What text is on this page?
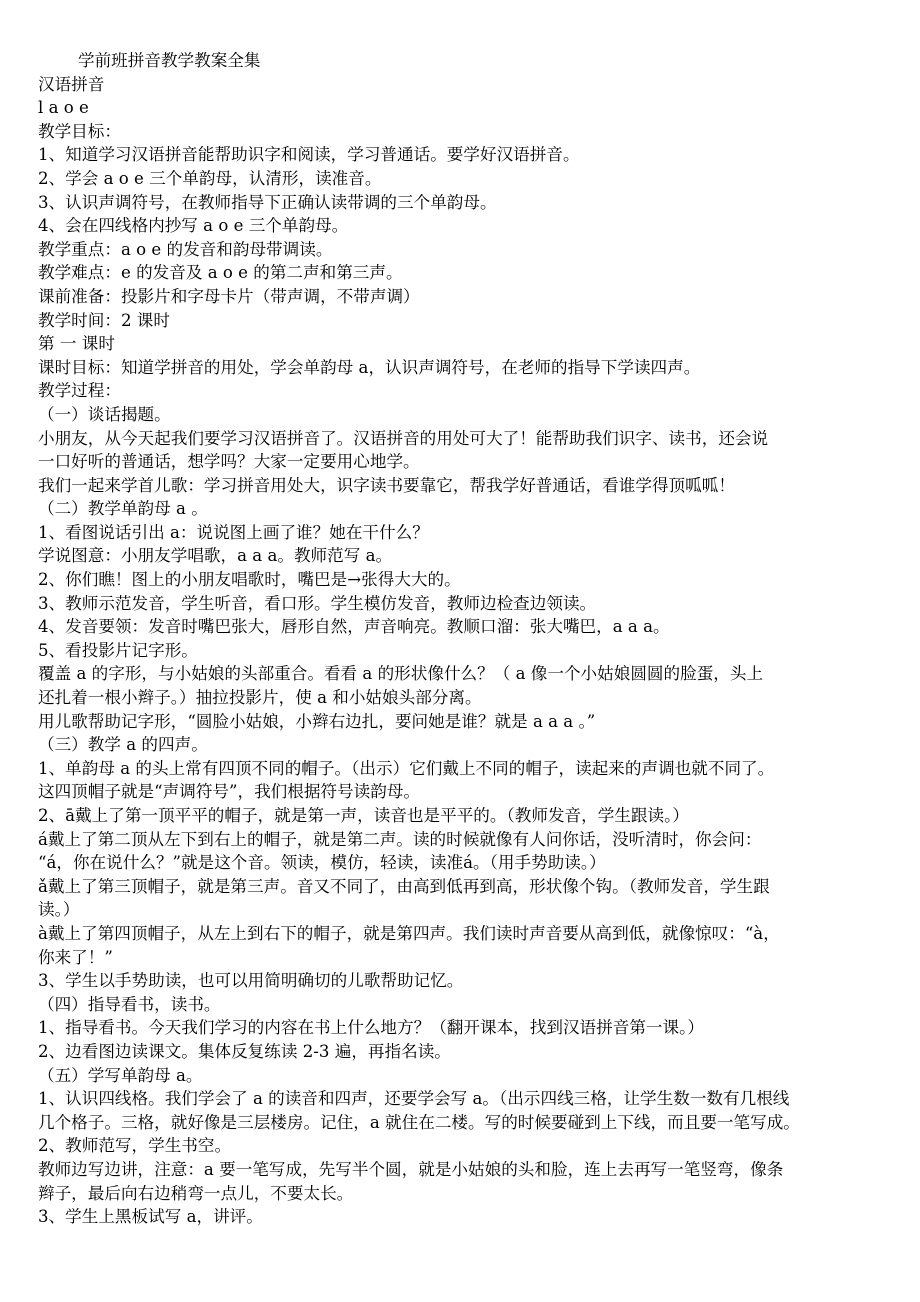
学前班拼音教学教案全集
汉语拼音
l a o e
教学目标：
1、知道学习汉语拼音能帮助识字和阅读，学习普通话。要学好汉语拼音。
2、学会 a o e 三个单韵母，认清形，读准音。
3、认识声调符号，在教师指导下正确认读带调的三个单韵母。
4、会在四线格内抄写 a o e 三个单韵母。
教学重点：a o e 的发音和韵母带调读。
教学难点：e 的发音及 a o e 的第二声和第三声。
课前准备：投影片和字母卡片（带声调，不带声调）
教学时间：2 课时
第 一 课时
课时目标：知道学拼音的用处，学会单韵母 a，认识声调符号，在老师的指导下学读四声。
教学过程：
（一）谈话揭题。
小朋友，从今天起我们要学习汉语拼音了。汉语拼音的用处可大了！能帮助我们识字、读书，还会说
一口好听的普通话，想学吗？大家一定要用心地学。
我们一起来学首儿歌：学习拼音用处大，识字读书要靠它，帮我学好普通话，看谁学得顶呱呱！
（二）教学单韵母 a 。
1、看图说话引出 a：说说图上画了谁？她在干什么？
学说图意：小朋友学唱歌，a a a。教师范写 a。
2、你们瞧！图上的小朋友唱歌时，嘴巴是→张得大大的。
3、教师示范发音，学生听音，看口形。学生模仿发音，教师边检查边领读。
4、发音要领：发音时嘴巴张大，唇形自然，声音响亮。教顺口溜：张大嘴巴，a a a。
5、看投影片记字形。
覆盖 a 的字形，与小姑娘的头部重合。看看 a 的形状像什么？（ a 像一个小姑娘圆圆的脸蛋，头上
还扎着一根小辫子。）抽拉投影片，使 a 和小姑娘头部分离。
用儿歌帮助记字形，“圆脸小姑娘，小辫右边扎，要问她是谁？就是 a a a 。”
（三）教学 a 的四声。
1、单韵母 a 的头上常有四顶不同的帽子。（出示）它们戴上不同的帽子，读起来的声调也就不同了。
这四顶帽子就是“声调符号”，我们根据符号读韵母。
2、ā戴上了第一顶平平的帽子，就是第一声，读音也是平平的。（教师发音，学生跟读。）
á戴上了第二顶从左下到右上的帽子，就是第二声。读的时候就像有人问你话，没听清时，你会问：
“á，你在说什么？”就是这个音。领读，模仿，轻读，读准á。（用手势助读。）
ǎ戴上了第三顶帽子，就是第三声。音又不同了，由高到低再到高，形状像个钩。（教师发音，学生跟
读。）
à戴上了第四顶帽子，从左上到右下的帽子，就是第四声。我们读时声音要从高到低，就像惊叹：“à，
你来了！”
3、学生以手势助读，也可以用简明确切的儿歌帮助记忆。
（四）指导看书，读书。
1、指导看书。今天我们学习的内容在书上什么地方？（翻开课本，找到汉语拼音第一课。）
2、边看图边读课文。集体反复练读 2-3 遍，再指名读。
（五）学写单韵母 a。
1、认识四线格。我们学会了 a 的读音和四声，还要学会写 a。（出示四线三格，让学生数一数有几根线
几个格子。三格，就好像是三层楼房。记住，a 就住在二楼。写的时候要碰到上下线，而且要一笔写成。
2、教师范写，学生书空。
教师边写边讲，注意：a 要一笔写成，先写半个圆，就是小姑娘的头和脸，连上去再写一笔竖弯，像条
辫子，最后向右边稍弯一点儿，不要太长。
3、学生上黑板试写 a，讲评。
